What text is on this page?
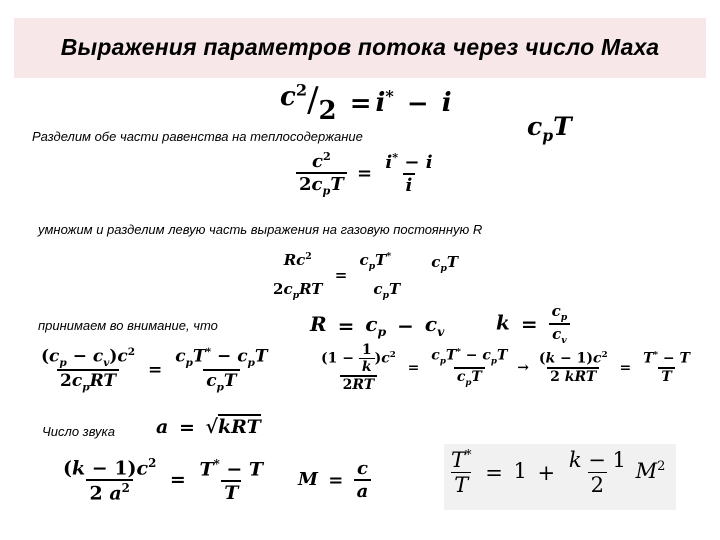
Выражения параметров потока через число Маха
$c^2/2 = i^* - i$
Разделим обе части равенства на теплосодержание	$c_pT$
$\frac{c^2}{2c_pT} = \frac{i^* - i}{i}$
умножим и разделим левую часть выражения на газовую постоянную R
Rc$^2$
$2c_pRT$
=
$c_pT^*$

$c_pT$
$c_pT$
принимаем во внимание, что	$R = c_p - c_v$	$k = \frac{c_p}{c_v}$
$\frac{(c_p - c_v)c^2}{2c_pRT} = \frac{c_pT^* - c_pT}{c_pT}$	$\frac{(1 - \frac{1}{k} )c^2}{2RT} = \frac{c_pT^* - c_pT}{c_pT} \to \frac{(k - 1)c^2}{\text{2 kRT}} = \frac{T^* - T}{T}$
Число звука a = √kRT
$\frac{(k - 1)c^2}{2 a^2} = \frac{T^* - T}{T}$ $M = \frac{c}{a}$	$\frac{T^*}{T} = 1 + \frac{k - 1}{2} M^2$
